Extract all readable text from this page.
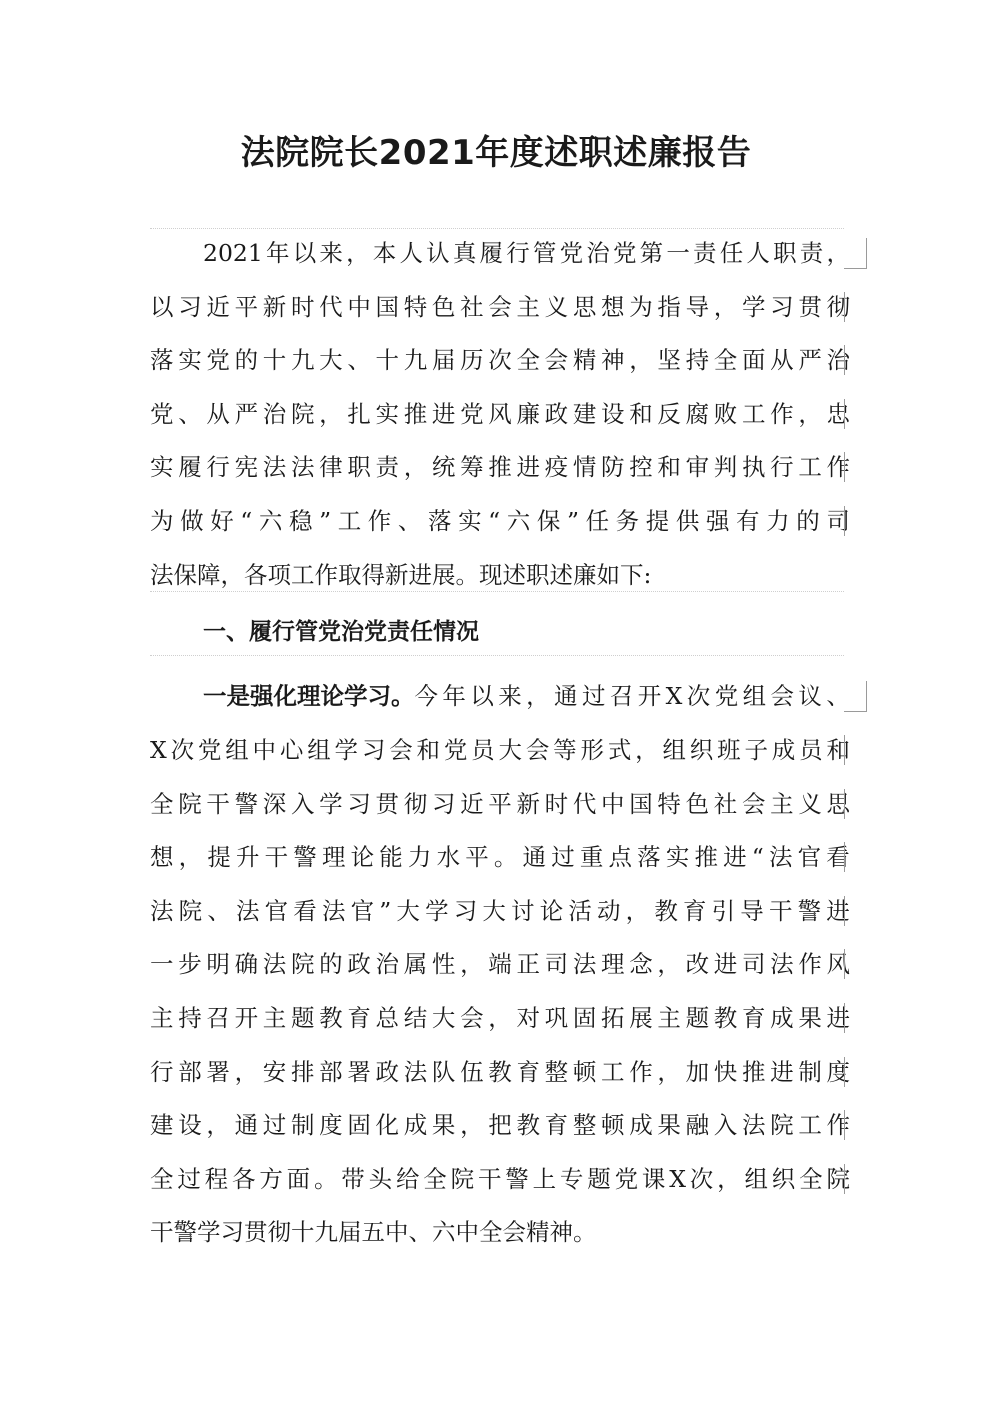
法院院长2021年度述职述廉报告
2021 年 以 来 ， 本 人 认 真 履 行 管 党 治 党 第 一 责 任 人 职 责 ，
以 习 近 平 新 时 代 中 国 特 色 社 会 主 义 思 想 为 指 导 ， 学 习 贯 彻
落 实 党 的 十 九 大 、 十 九 届 历 次 全 会 精 神 ， 坚 持 全 面 从 严 治
党 、 从 严 治 院 ， 扎 实 推 进 党 风 廉 政 建 设 和 反 腐 败 工 作 ， 忠
实 履 行 宪 法 法 律 职 责 ， 统 筹 推 进 疫 情 防 控 和 审 判 执 行 工 作
为 做 好 “ 六 稳 ” 工 作 、 落 实 “ 六 保 ” 任 务 提 供 强 有 力 的 司
法保障，各项工作取得新进展。现述职述廉如下:
一、履行管党治党责任情况
一是强化理论学习。 今 年 以 来 ， 通 过 召 开 X 次 党 组 会 议 、
X 次 党 组 中 心 组 学 习 会 和 党 员 大 会 等 形 式 ， 组 织 班 子 成 员 和
全 院 干 警 深 入 学 习 贯 彻 习 近 平 新 时 代 中 国 特 色 社 会 主 义 思
想 ， 提 升 干 警 理 论 能 力 水 平 。 通 过 重 点 落 实 推 进 “ 法 官 看
法 院 、 法 官 看 法 官 ” 大 学 习 大 讨 论 活 动 ， 教 育 引 导 干 警 进
一 步 明 确 法 院 的 政 治 属 性 ， 端 正 司 法 理 念 ， 改 进 司 法 作 风
主 持 召 开 主 题 教 育 总 结 大 会 ， 对 巩 固 拓 展 主 题 教 育 成 果 进
行 部 署 ， 安 排 部 署 政 法 队 伍 教 育 整 顿 工 作 ， 加 快 推 进 制 度
建 设 ， 通 过 制 度 固 化 成 果 ， 把 教 育 整 顿 成 果 融 入 法 院 工 作
全 过 程 各 方 面 。 带 头 给 全 院 干 警 上 专 题 党 课 X 次 ， 组 织 全 院
干警学习贯彻十九届五中、六中全会精神。
